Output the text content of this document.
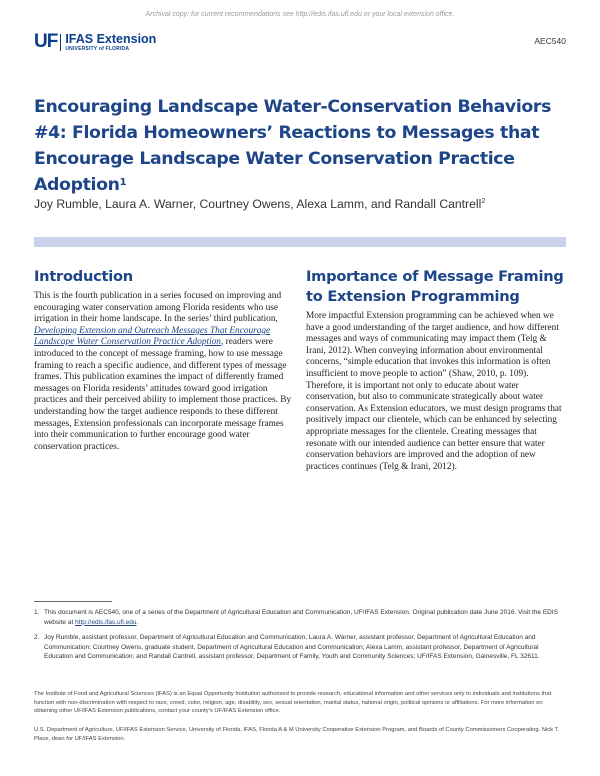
Archival copy: for current recommendations see http://edis.ifas.ufl.edu or your local extension office.
UF IFAS Extension
UNIVERSITY of FLORIDA
AEC540
Encouraging Landscape Water-Conservation Behaviors #4: Florida Homeowners’ Reactions to Messages that Encourage Landscape Water Conservation Practice Adoption$^1$
Joy Rumble, Laura A. Warner, Courtney Owens, Alexa Lamm, and Randall Cantrell$^2$
Introduction

This is the fourth publication in a series focused on improving and encouraging water conservation among Florida residents who use irrigation in their home landscape. In the series’ third publication, Developing Extension and Outreach Messages That Encourage Landscape Water Conservation Practice Adoption, readers were introduced to the concept of message framing, how to use message framing to reach a specific audience, and different types of message frames. This publication examines the impact of differently framed messages on Florida residents’ attitudes toward good irrigation practices and their perceived ability to implement those practices. By understanding how the target audience responds to these different messages, Extension professionals can incorporate message frames into their communication to further encourage good water conservation practices.

Importance of Message Framing to Extension Programming

More impactful Extension programming can be achieved when we have a good understanding of the target audience, and how different messages and ways of communicating may impact them (Telg & Irani, 2012). When conveying information about environmental concerns, “simple education that invokes this information is often insufficient to move people to action” (Shaw, 2010, p. 109). Therefore, it is important not only to educate about water conservation, but also to communicate strategically about water conservation. As Extension educators, we must design programs that positively impact our clientele, which can be enhanced by selecting appropriate messages for the clientele. Creating messages that resonate with our intended audience can better ensure that water conservation behaviors are improved and the adoption of new practices continues (Telg & Irani, 2012).

1. This document is AEC540, one of a series of the Department of Agricultural Education and Communication, UF/IFAS Extension. Original publication date June 2016. Visit the EDIS website at http://edis.ifas.ufl.edu.
2. Joy Rumble, assistant professor, Department of Agricultural Education and Communication; Laura A. Warner, assistant professor, Department of Agricultural Education and Communication; Courtney Owens, graduate student, Department of Agricultural Education and Communication; Alexa Lamm, assistant professor, Department of Agricultural Education and Communication; and Randall Cantrell, assistant professor, Department of Family, Youth and Community Sciences; UF/IFAS Extension, Gainesville, FL 32611.
The Institute of Food and Agricultural Sciences (IFAS) is an Equal Opportunity Institution authorized to provide research, educational information and other services only to individuals and institutions that function with non-discrimination with respect to race, creed, color, religion, age, disability, sex, sexual orientation, marital status, national origin, political opinions or affiliations. For more information on obtaining other UF/IFAS Extension publications, contact your county’s UF/IFAS Extension office.
U.S. Department of Agriculture, UF/IFAS Extension Service, University of Florida, IFAS, Florida A & M University Cooperative Extension Program, and Boards of County Commissioners Cooperating. Nick T. Place, dean for UF/IFAS Extension.
